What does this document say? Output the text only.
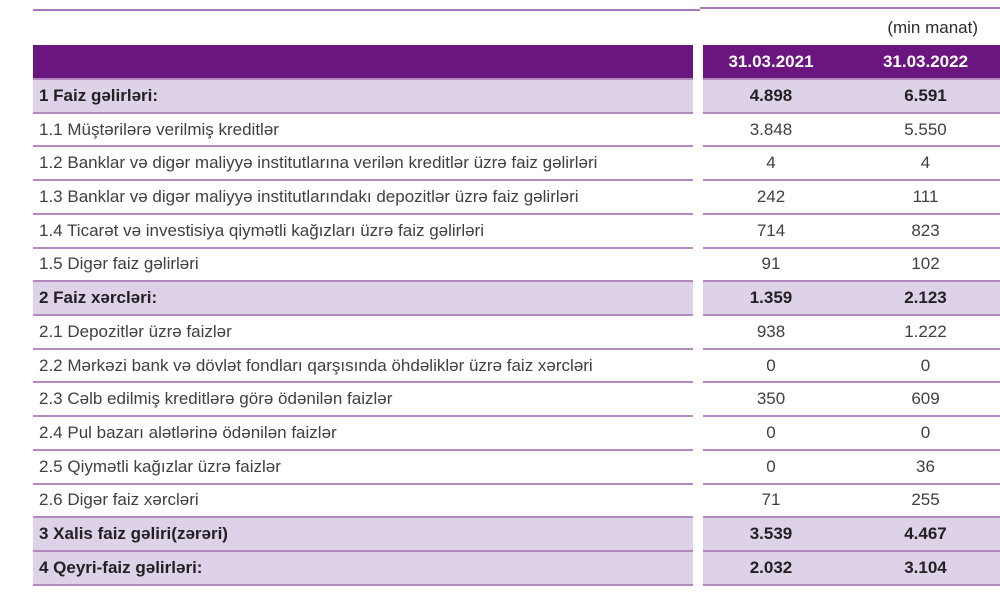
(min manat)
31.03.2021	31.03.2022
1 Faiz gəlirləri:	4.898	6.591
1.1 Müştərilərə verilmiş kreditlər	3.848	5.550
1.2 Banklar və digər maliyyə institutlarına verilən kreditlər üzrə faiz gəlirləri	4	4
1.3 Banklar və digər maliyyə institutlarındakı depozitlər üzrə faiz gəlirləri	242	111
1.4 Ticarət və investisiya qiymətli kağızları üzrə faiz gəlirləri	714	823
1.5 Digər faiz gəlirləri	91	102
2 Faiz xərcləri:	1.359	2.123
2.1 Depozitlər üzrə faizlər	938	1.222
2.2 Mərkəzi bank və dövlət fondları qarşısında öhdəliklər üzrə faiz xərcləri	0	0
2.3 Cəlb edilmiş kreditlərə görə ödənilən faizlər	350	609
2.4 Pul bazarı alətlərinə ödənilən faizlər	0	0
2.5 Qiymətli kağızlar üzrə faizlər	0	36
2.6 Digər faiz xərcləri	71	255
3 Xalis faiz gəliri(zərəri)	3.539	4.467
4 Qeyri-faiz gəlirləri:	2.032	3.104
